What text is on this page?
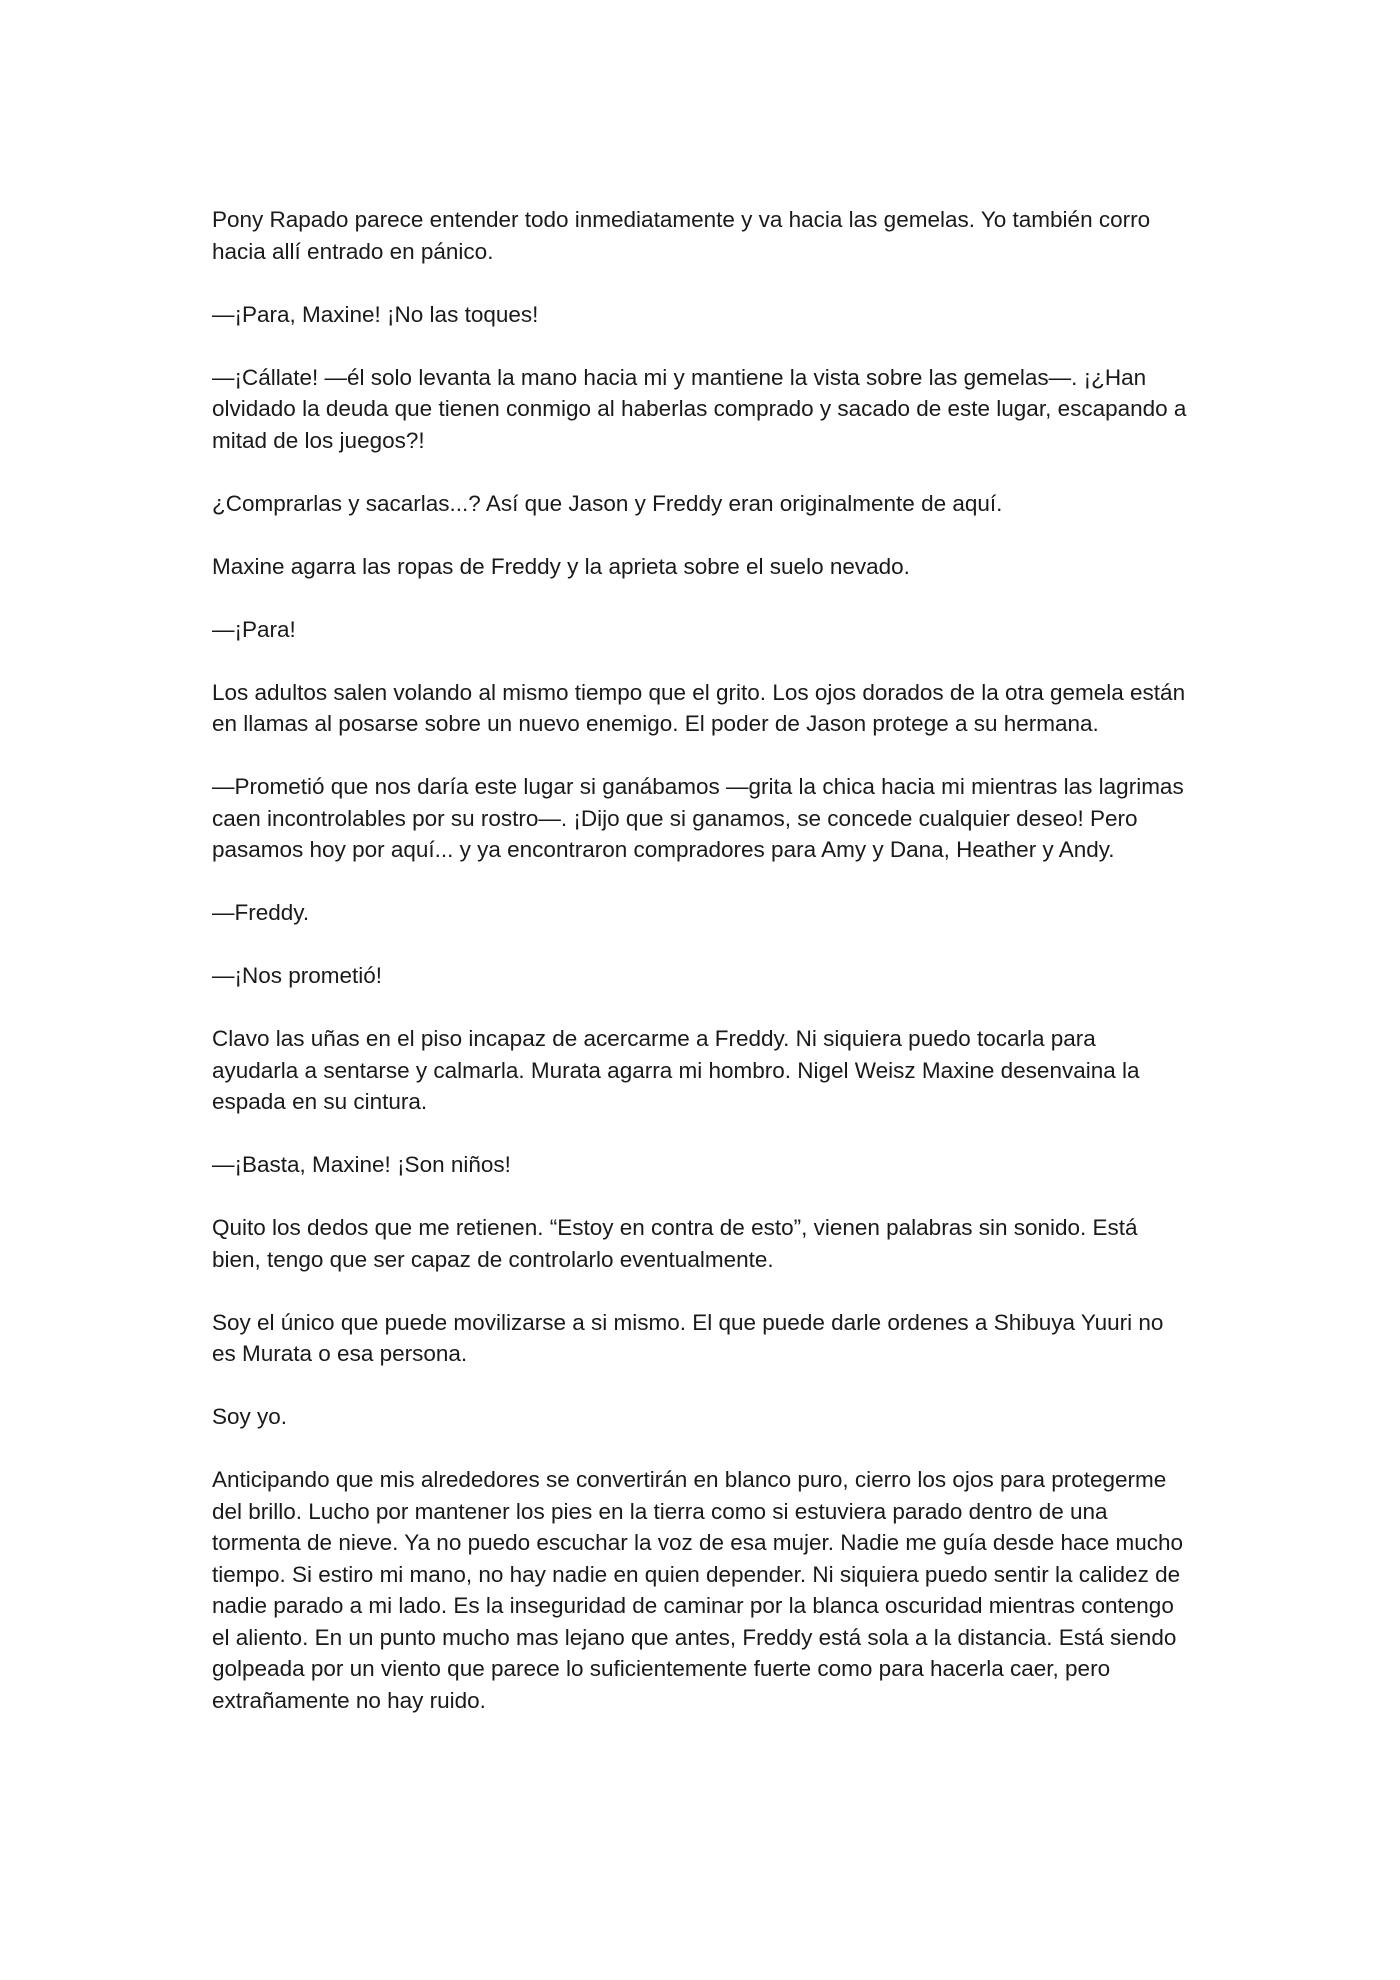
Pony Rapado parece entender todo inmediatamente y va hacia las gemelas. Yo también corro hacia allí entrado en pánico.

—¡Para, Maxine! ¡No las toques!

—¡Cállate! —él solo levanta la mano hacia mi y mantiene la vista sobre las gemelas—. ¡¿Han olvidado la deuda que tienen conmigo al haberlas comprado y sacado de este lugar, escapando a mitad de los juegos?!

¿Comprarlas y sacarlas...? Así que Jason y Freddy eran originalmente de aquí.

Maxine agarra las ropas de Freddy y la aprieta sobre el suelo nevado.

—¡Para!

Los adultos salen volando al mismo tiempo que el grito. Los ojos dorados de la otra gemela están en llamas al posarse sobre un nuevo enemigo. El poder de Jason protege a su hermana.

—Prometió que nos daría este lugar si ganábamos —grita la chica hacia mi mientras las lagrimas caen incontrolables por su rostro—. ¡Dijo que si ganamos, se concede cualquier deseo! Pero pasamos hoy por aquí... y ya encontraron compradores para Amy y Dana, Heather y Andy.

—Freddy.

—¡Nos prometió!

Clavo las uñas en el piso incapaz de acercarme a Freddy. Ni siquiera puedo tocarla para ayudarla a sentarse y calmarla. Murata agarra mi hombro. Nigel Weisz Maxine desenvaina la espada en su cintura.

—¡Basta, Maxine! ¡Son niños!

Quito los dedos que me retienen. “Estoy en contra de esto”, vienen palabras sin sonido. Está bien, tengo que ser capaz de controlarlo eventualmente.

Soy el único que puede movilizarse a si mismo. El que puede darle ordenes a Shibuya Yuuri no es Murata o esa persona.

Soy yo.

Anticipando que mis alrededores se convertirán en blanco puro, cierro los ojos para protegerme del brillo. Lucho por mantener los pies en la tierra como si estuviera parado dentro de una tormenta de nieve. Ya no puedo escuchar la voz de esa mujer. Nadie me guía desde hace mucho tiempo. Si estiro mi mano, no hay nadie en quien depender. Ni siquiera puedo sentir la calidez de nadie parado a mi lado. Es la inseguridad de caminar por la blanca oscuridad mientras contengo el aliento. En un punto mucho mas lejano que antes, Freddy está sola a la distancia. Está siendo golpeada por un viento que parece lo suficientemente fuerte como para hacerla caer, pero extrañamente no hay ruido.
